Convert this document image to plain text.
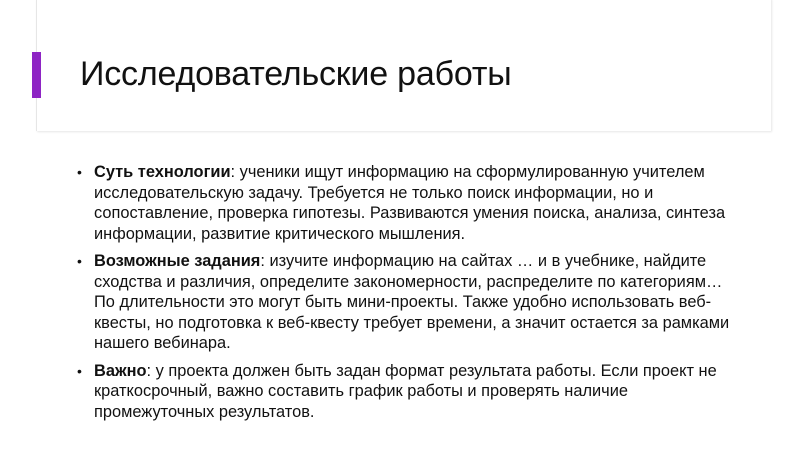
Исследовательские работы
• Суть технологии: ученики ищут информацию на сформулированную учителем исследовательскую задачу. Требуется не только поиск информации, но и сопоставление, проверка гипотезы. Развиваются умения поиска, анализа, синтеза информации, развитие критического мышления.
• Возможные задания: изучите информацию на сайтах … и в учебнике, найдите сходства и различия, определите закономерности, распределите по категориям… По длительности это могут быть мини-проекты. Также удобно использовать веб-квесты, но подготовка к веб-квесту требует времени, а значит остается за рамками нашего вебинара.
• Важно: у проекта должен быть задан формат результата работы. Если проект не краткосрочный, важно составить график работы и проверять наличие промежуточных результатов.
